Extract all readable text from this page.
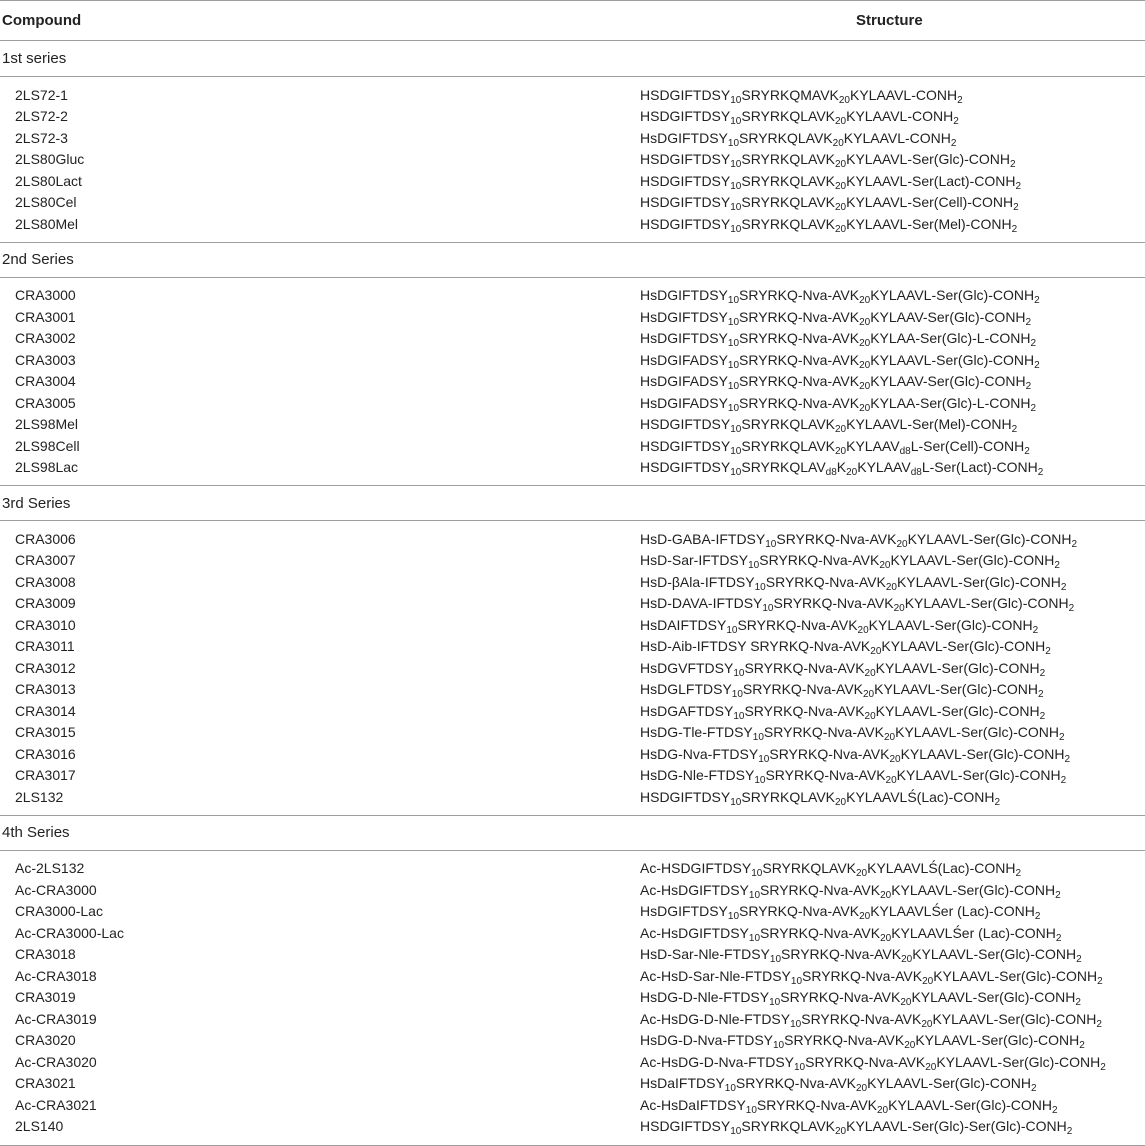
Compound	Structure
1st series	

2LS72-1	$HSDGIFTDSY_{10}SRYRKQMAVK_{20}KYLAAVL-CONH_2$
2LS72-2	$HSDGIFTDSY_{10}SRYRKQLAVK_{20}KYLAAVL-CONH_2$
2LS72-3	$HsDGIFTDSY_{10}SRYRKQLAVK_{20}KYLAAVL-CONH_2$
2LS80Gluc	$HSDGIFTDSY_{10}SRYRKQLAVK_{20}KYLAAVL-Ser(Glc)-CONH_2$
2LS80Lact	$HSDGIFTDSY_{10}SRYRKQLAVK_{20}KYLAAVL-Ser(Lact)-CONH_2$
2LS80Cel	$HSDGIFTDSY_{10}SRYRKQLAVK_{20}KYLAAVL-Ser(Cell)-CONH_2$
2LS80Mel	$HSDGIFTDSY_{10}SRYRKQLAVK_{20}KYLAAVL-Ser(Mel)-CONH_2$

2nd Series	

CRA3000	$HsDGIFTDSY_{10}SRYRKQ-Nva-AVK_{20}KYLAAVL-Ser(Glc)-CONH_2$
CRA3001	$HsDGIFTDSY_{10}SRYRKQ-Nva-AVK_{20}KYLAAV-Ser(Glc)-CONH_2$
CRA3002	$HsDGIFTDSY_{10}SRYRKQ-Nva-AVK_{20}KYLAA-Ser(Glc)-L-CONH_2$
CRA3003	$HsDGIFADSY_{10}SRYRKQ-Nva-AVK_{20}KYLAAVL-Ser(Glc)-CONH_2$
CRA3004	$HsDGIFADSY_{10}SRYRKQ-Nva-AVK_{20}KYLAAV-Ser(Glc)-CONH_2$
CRA3005	$HsDGIFADSY_{10}SRYRKQ-Nva-AVK_{20}KYLAA-Ser(Glc)-L-CONH_2$
2LS98Mel	$HSDGIFTDSY_{10}SRYRKQLAVK_{20}KYLAAVL-Ser(Mel)-CONH_2$
2LS98Cell	$HSDGIFTDSY_{10}SRYRKQLAVK_{20}KYLAAV_{d8}L-Ser(Cell)-CONH_2$
2LS98Lac	$HSDGIFTDSY_{10}SRYRKQLAV_{d8}K_{20}KYLAAV_{d8}L-Ser(Lact)-CONH_2$

3rd Series	

CRA3006	HsD-$GABA-IFTDSY_{10}SRYRKQ-Nva-AVK_{20}KYLAAVL-Ser(Glc)-CONH_2$
CRA3007	HsD-$Sar-IFTDSY_{10}SRYRKQ-Nva-AVK_{20}KYLAAVL-Ser(Glc)-CONH_2$
CRA3008	HsD-$\beta Ala-IFTDSY_{10}SRYRKQ-Nva-AVK_{20}KYLAAVL-Ser(Glc)-CONH_2$
CRA3009	HsD-$DAVA-IFTDSY_{10}SRYRKQ-Nva-AVK_{20}KYLAAVL-Ser(Glc)-CONH_2$
CRA3010	$HsDAIFTDSY_{10}SRYRKQ-Nva-AVK_{20}KYLAAVL-Ser(Glc)-CONH_2$
CRA3011	HsD-Aib-IFTDSY SRYRKQ-$Nva-AVK_{20}KYLAAVL-Ser(Glc)-CONH_2$
CRA3012	$HsDGVFTDSY_{10}SRYRKQ-Nva-AVK_{20}KYLAAVL-Ser(Glc)-CONH_2$
CRA3013	$HsDGLFTDSY_{10}SRYRKQ-Nva-AVK_{20}KYLAAVL-Ser(Glc)-CONH_2$
CRA3014	$HsDGAFTDSY_{10}SRYRKQ-Nva-AVK_{20}KYLAAVL-Ser(Glc)-CONH_2$
CRA3015	HsDG-$Tle-FTDSY_{10}SRYRKQ-Nva-AVK_{20}KYLAAVL-Ser(Glc)-CONH_2$
CRA3016	HsDG-$Nva-FTDSY_{10}SRYRKQ-Nva-AVK_{20}KYLAAVL-Ser(Glc)-CONH_2$
CRA3017	HsDG-$Nle-FTDSY_{10}SRYRKQ-Nva-AVK_{20}KYLAAVL-Ser(Glc)-CONH_2$
2LS132	$HSDGIFTDSY_{10}SRYRKQLAVK_{20}KYLAAVLŚ(Lac)-CONH_2$

4th Series	

Ac-2LS132	$Ac-HSDGIFTDSY_{10}SRYRKQLAVK_{20}KYLAAVLŚ(Lac)-CONH_2$
Ac-CRA3000	$Ac-HsDGIFTDSY_{10}SRYRKQ-Nva-AVK_{20}KYLAAVL-Ser(Glc)-CONH_2$
CRA3000-Lac	$HsDGIFTDSY_{10}SRYRKQ-Nva-AVK_{20}KYLAAVLŚer$ $(Lac)-CONH_2$
Ac-CRA3000-Lac	$Ac-HsDGIFTDSY_{10}SRYRKQ-Nva-AVK_{20}KYLAAVLŚer$ $(Lac)-CONH_2$
CRA3018	HsD-$Sar-Nle-FTDSY_{10}SRYRKQ-Nva-AVK_{20}KYLAAVL-Ser(Glc)-CONH_2$
Ac-CRA3018	$Ac-HsD-Sar-Nle-FTDSY_{10}SRYRKQ-Nva-AVK_{20}KYLAAVL-Ser(Glc)-CONH_2$
CRA3019	HsDG-$D-Nle-FTDSY_{10}SRYRKQ-Nva-AVK_{20}KYLAAVL-Ser(Glc)-CONH_2$
Ac-CRA3019	$Ac-HsDG-D-Nle-FTDSY_{10}SRYRKQ-Nva-AVK_{20}KYLAAVL-Ser(Glc)-CONH_2$
CRA3020	HsDG-$D-Nva-FTDSY_{10}SRYRKQ-Nva-AVK_{20}KYLAAVL-Ser(Glc)-CONH_2$
Ac-CRA3020	$Ac-HsDG-D-Nva-FTDSY_{10}SRYRKQ-Nva-AVK_{20}KYLAAVL-Ser(Glc)-CONH_2$
CRA3021	$HsDaIFTDSY_{10}SRYRKQ-Nva-AVK_{20}KYLAAVL-Ser(Glc)-CONH_2$
Ac-CRA3021	$Ac-HsDaIFTDSY_{10}SRYRKQ-Nva-AVK_{20}KYLAAVL-Ser(Glc)-CONH_2$
2LS140	$HSDGIFTDSY_{10}SRYRKQLAVK_{20}KYLAAVL-Ser(Glc)-Ser(Glc)-CONH_2$
